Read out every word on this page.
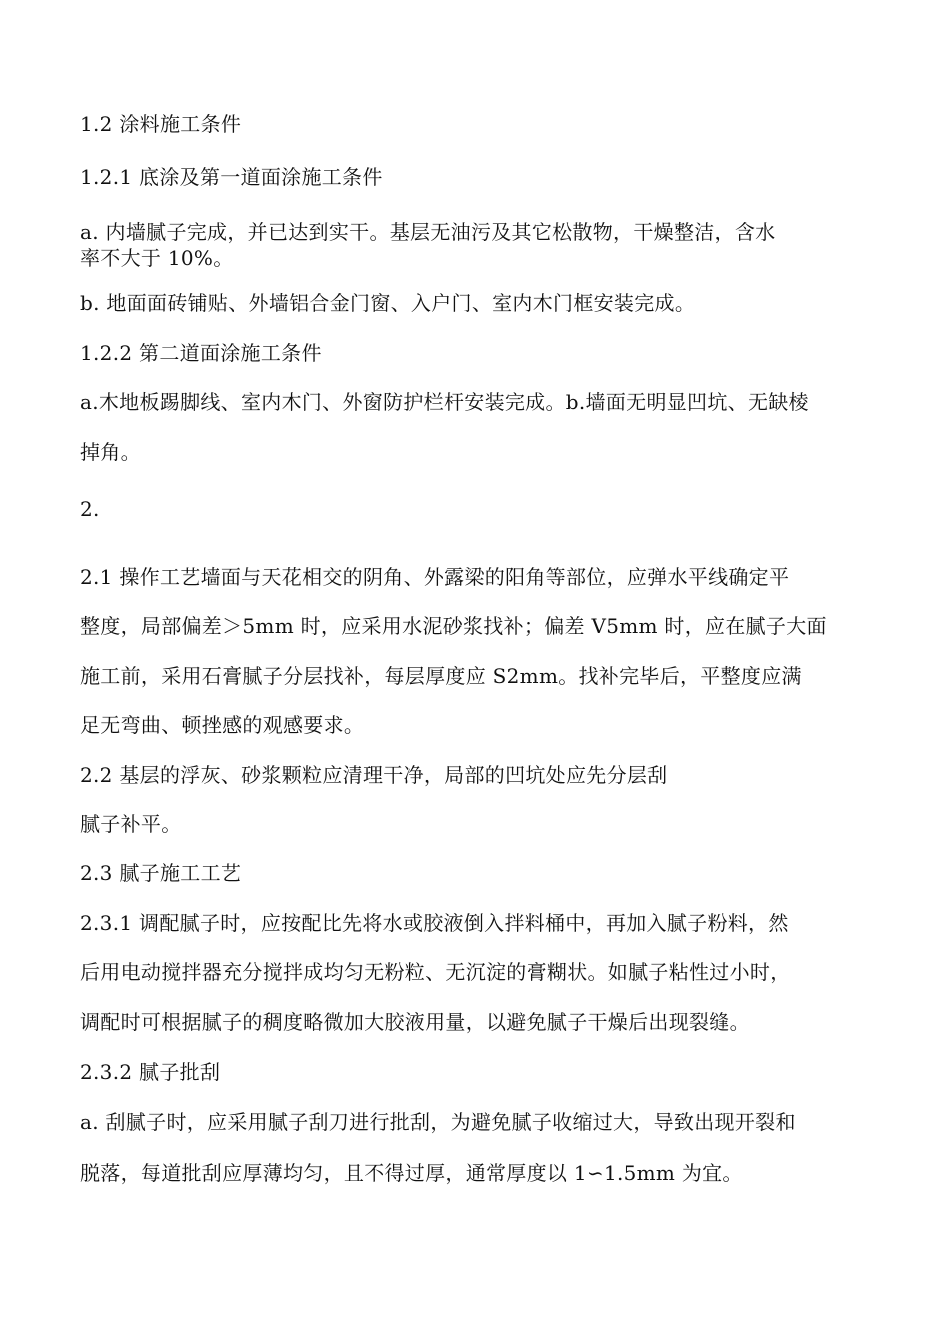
1.2 涂料施工条件
1.2.1 底涂及第一道面涂施工条件
a. 内墙腻子完成，并已达到实干。基层无油污及其它松散物，干燥整洁，含水
率不大于 10%。
b. 地面面砖铺贴、外墙铝合金门窗、入户门、室内木门框安装完成。
1.2.2 第二道面涂施工条件
a.木地板踢脚线、室内木门、外窗防护栏杆安装完成。b.墙面无明显凹坑、无缺棱
掉角。
2.
2.1 操作工艺墙面与天花相交的阴角、外露梁的阳角等部位，应弹水平线确定平
整度，局部偏差＞5mm 时，应采用水泥砂浆找补；偏差 V5mm 时，应在腻子大面
施工前，采用石膏腻子分层找补，每层厚度应 S2mm。找补完毕后，平整度应满
足无弯曲、顿挫感的观感要求。
2.2 基层的浮灰、砂浆颗粒应清理干净，局部的凹坑处应先分层刮
腻子补平。
2.3 腻子施工工艺
2.3.1 调配腻子时，应按配比先将水或胶液倒入拌料桶中，再加入腻子粉料，然
后用电动搅拌器充分搅拌成均匀无粉粒、无沉淀的膏糊状。如腻子粘性过小时，
调配时可根据腻子的稠度略微加大胶液用量，以避免腻子干燥后出现裂缝。
2.3.2 腻子批刮
a. 刮腻子时，应采用腻子刮刀进行批刮，为避免腻子收缩过大，导致出现开裂和
脱落，每道批刮应厚薄均匀，且不得过厚，通常厚度以 1∽1.5mm 为宜。
